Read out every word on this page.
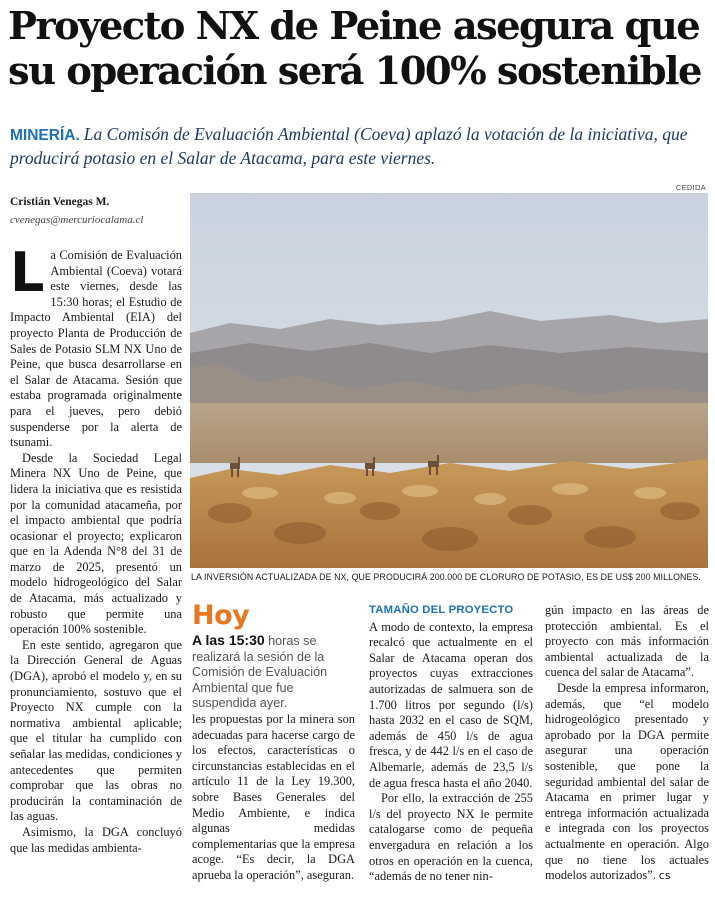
Proyecto NX de Peine asegura que su operación será 100% sostenible

MINERÍA. La Comisón de Evaluación Ambiental (Coeva) aplazó la votación de la iniciativa, que producirá potasio en el Salar de Atacama, para este viernes.

Cristián Venegas M.
cvenegas@mercuriocalama.cl
CEDIDA
LA INVERSIÓN ACTUALIZADA DE NX, QUE PRODUCIRÁ 200.000 DE CLORURO DE POTASIO, ES DE US$ 200 MILLONES.

La Comisión de Evaluación Ambiental (Coeva) votará este viernes, desde las 15:30 horas; el Estudio de Impacto Ambiental (EIA) del proyecto Planta de Producción de Sales de Potasio SLM NX Uno de Peine, que busca desarrollarse en el Salar de Atacama. Sesión que estaba programada originalmente para el jueves, pero debió suspenderse por la alerta de tsunami.

Desde la Sociedad Legal Minera NX Uno de Peine, que lidera la iniciativa que es resistida por la comunidad atacameña, por el impacto ambiental que podría ocasionar el proyecto; explicaron que en la Adenda N°8 del 31 de marzo de 2025, presentó un modelo hidrogeológico del Salar de Atacama, más actualizado y robusto que permite una operación 100% sostenible.

En este sentido, agregaron que la Dirección General de Aguas (DGA), aprobó el modelo y, en su pronunciamiento, sostuvo que el Proyecto NX cumple con la normativa ambiental aplicable; que el titular ha cumplido con señalar las medidas, condiciones y antecedentes que permiten comprobar que las obras no producirán la contaminación de las aguas.

Asimismo, la DGA concluyó que las medidas ambienta-

Hoy
A las 15:30 horas se realizará la sesión de la Comisión de Evaluación Ambiental que fue suspendida ayer.

les propuestas por la minera son adecuadas para hacerse cargo de los efectos, características o circunstancias establecidas en el artículo 11 de la Ley 19.300, sobre Bases Generales del Medio Ambiente, e indica algunas medidas complementarias que la empresa acoge. “Es decir, la DGA aprueba la operación”, aseguran.

TAMAÑO DEL PROYECTO

A modo de contexto, la empresa recalcó que actualmente en el Salar de Atacama operan dos proyectos cuyas extracciones autorizadas de salmuera son de 1.700 litros por segundo (l/s) hasta 2032 en el caso de SQM, además de 450 l/s de agua fresca, y de 442 l/s en el caso de Albemarle, además de 23,5 l/s de agua fresca hasta el año 2040.

Por ello, la extracción de 255 l/s del proyecto NX le permite catalogarse como de pequeña envergadura en relación a los otros en operación en la cuenca, “además de no tener nin-

gún impacto en las áreas de protección ambiental. Es el proyecto con más información ambiental actualizada de la cuenca del salar de Atacama”.

Desde la empresa informaron, además, que “el modelo hidrogeológico presentado y aprobado por la DGA permite asegurar una operación sostenible, que pone la seguridad ambiental del salar de Atacama en primer lugar y entrega información actualizada e integrada con los proyectos actualmente en operación. Algo que no tiene los actuales modelos autorizados”. cs
